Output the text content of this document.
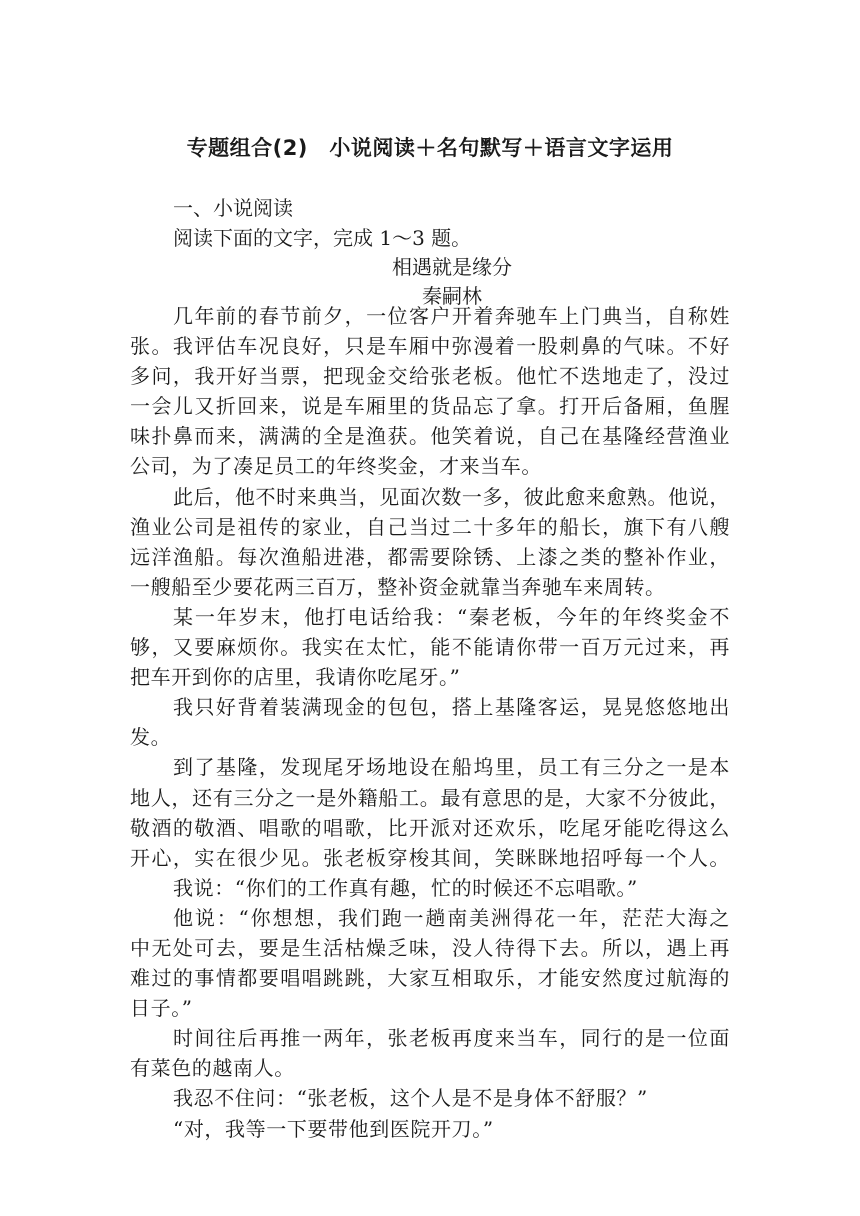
专题组合(2)　小说阅读＋名句默写＋语言文字运用
一、小说阅读
阅读下面的文字，完成 1～3 题。
相遇就是缘分
秦嗣林
几年前的春节前夕，一位客户开着奔驰车上门典当，自称姓
张。我评估车况良好，只是车厢中弥漫着一股刺鼻的气味。不好
多问，我开好当票，把现金交给张老板。他忙不迭地走了，没过
一会儿又折回来，说是车厢里的货品忘了拿。打开后备厢，鱼腥
味扑鼻而来，满满的全是渔获。他笑着说，自己在基隆经营渔业
公司，为了凑足员工的年终奖金，才来当车。
此后，他不时来典当，见面次数一多，彼此愈来愈熟。他说，
渔业公司是祖传的家业，自己当过二十多年的船长，旗下有八艘
远洋渔船。每次渔船进港，都需要除锈、上漆之类的整补作业，
一艘船至少要花两三百万，整补资金就靠当奔驰车来周转。
某一年岁末，他打电话给我：“秦老板，今年的年终奖金不
够，又要麻烦你。我实在太忙，能不能请你带一百万元过来，再
把车开到你的店里，我请你吃尾牙。”
我只好背着装满现金的包包，搭上基隆客运，晃晃悠悠地出
发。
到了基隆，发现尾牙场地设在船坞里，员工有三分之一是本
地人，还有三分之一是外籍船工。最有意思的是，大家不分彼此，
敬酒的敬酒、唱歌的唱歌，比开派对还欢乐，吃尾牙能吃得这么
开心，实在很少见。张老板穿梭其间，笑眯眯地招呼每一个人。
我说：“你们的工作真有趣，忙的时候还不忘唱歌。”
他说：“你想想，我们跑一趟南美洲得花一年，茫茫大海之
中无处可去，要是生活枯燥乏味，没人待得下去。所以，遇上再
难过的事情都要唱唱跳跳，大家互相取乐，才能安然度过航海的
日子。”
时间往后再推一两年，张老板再度来当车，同行的是一位面
有菜色的越南人。
我忍不住问：“张老板，这个人是不是身体不舒服？”
“对，我等一下要带他到医院开刀。”
